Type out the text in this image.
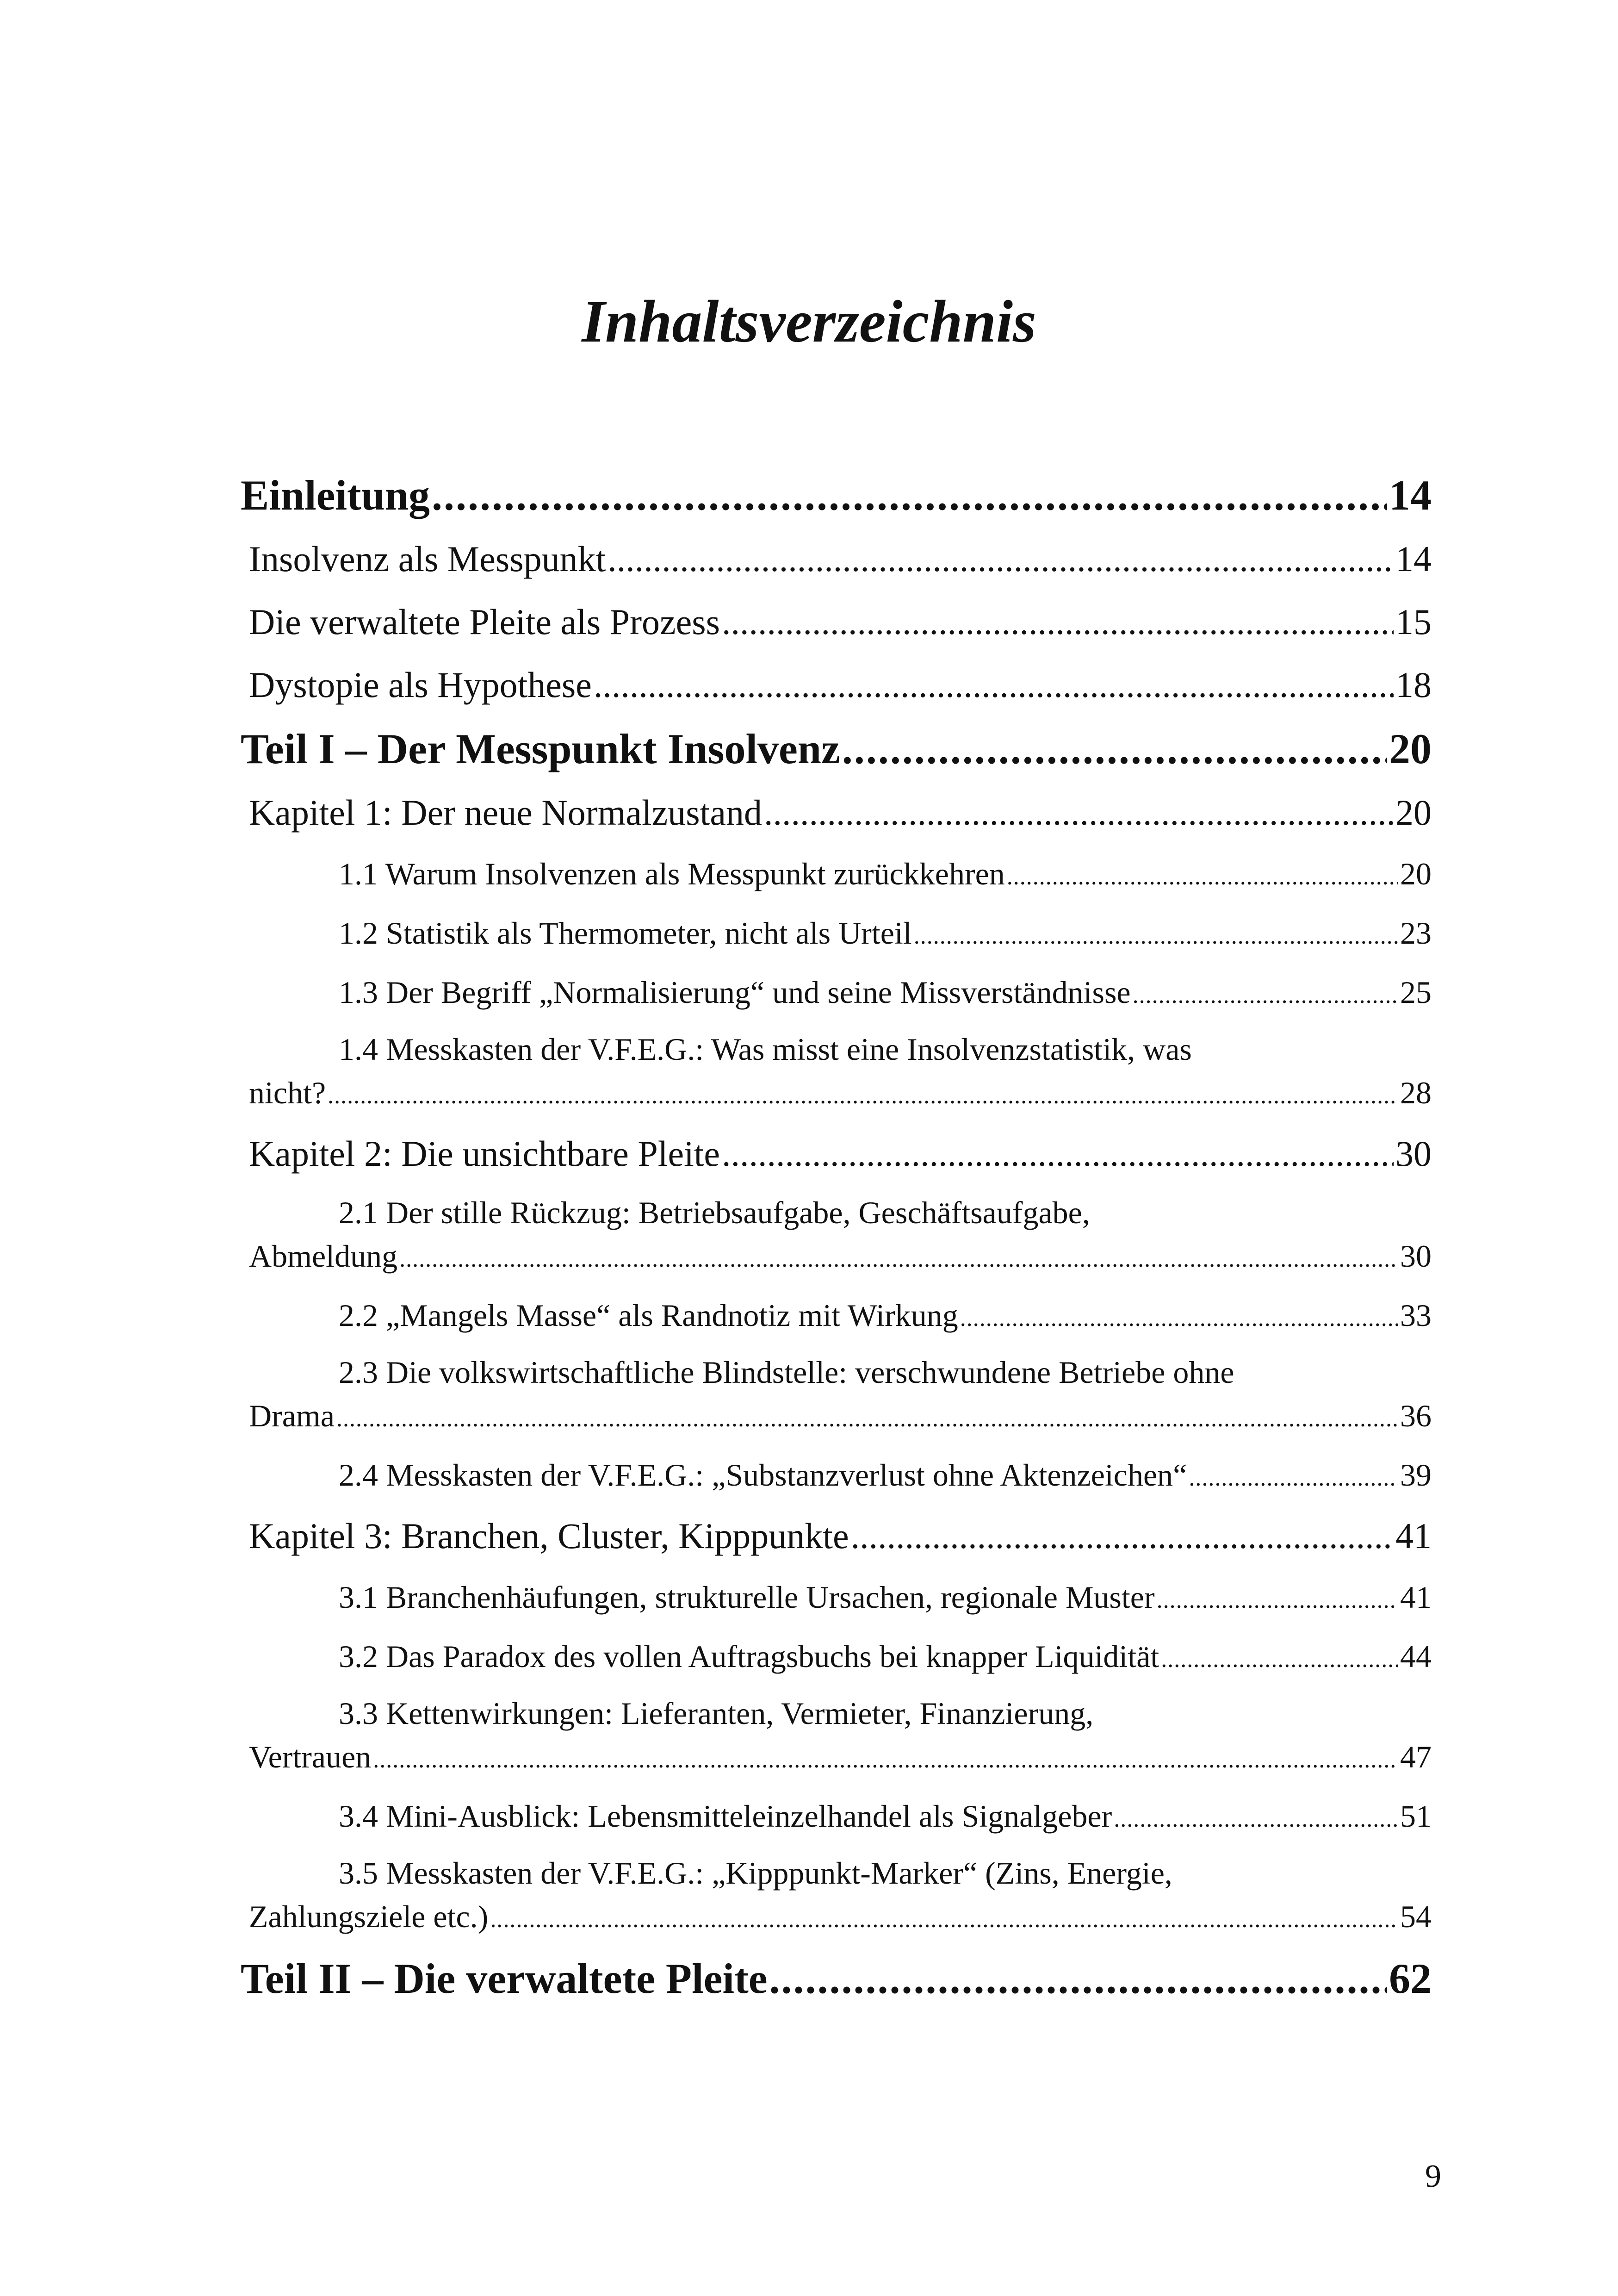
Inhaltsverzeichnis
Einleitung .....	14
Insolvenz als Messpunkt .....	14
Die verwaltete Pleite als Prozess .....	15
Dystopie als Hypothese .....	18
Teil I – Der Messpunkt Insolvenz .....	20
Kapitel 1: Der neue Normalzustand .....	20
1.1 Warum Insolvenzen als Messpunkt zurückkehren .....	20
1.2 Statistik als Thermometer, nicht als Urteil .....	23
1.3 Der Begriff „Normalisierung“ und seine Missverständnisse .....	25
1.4 Messkasten der V.F.E.G.: Was misst eine Insolvenzstatistik, was
nicht? .....	28
Kapitel 2: Die unsichtbare Pleite .....	30
2.1 Der stille Rückzug: Betriebsaufgabe, Geschäftsaufgabe,
Abmeldung .....	30
2.2 „Mangels Masse“ als Randnotiz mit Wirkung .....	33
2.3 Die volkswirtschaftliche Blindstelle: verschwundene Betriebe ohne
Drama .....	36
2.4 Messkasten der V.F.E.G.: „Substanzverlust ohne Aktenzeichen“ .....	39
Kapitel 3: Branchen, Cluster, Kipppunkte .....	41
3.1 Branchenhäufungen, strukturelle Ursachen, regionale Muster .....	41
3.2 Das Paradox des vollen Auftragsbuchs bei knapper Liquidität .....	44
3.3 Kettenwirkungen: Lieferanten, Vermieter, Finanzierung,
Vertrauen .....	47
3.4 Mini-Ausblick: Lebensmitteleinzelhandel als Signalgeber .....	51
3.5 Messkasten der V.F.E.G.: „Kipppunkt-Marker“ (Zins, Energie,
Zahlungsziele etc.) .....	54
Teil II – Die verwaltete Pleite .....	62
9
